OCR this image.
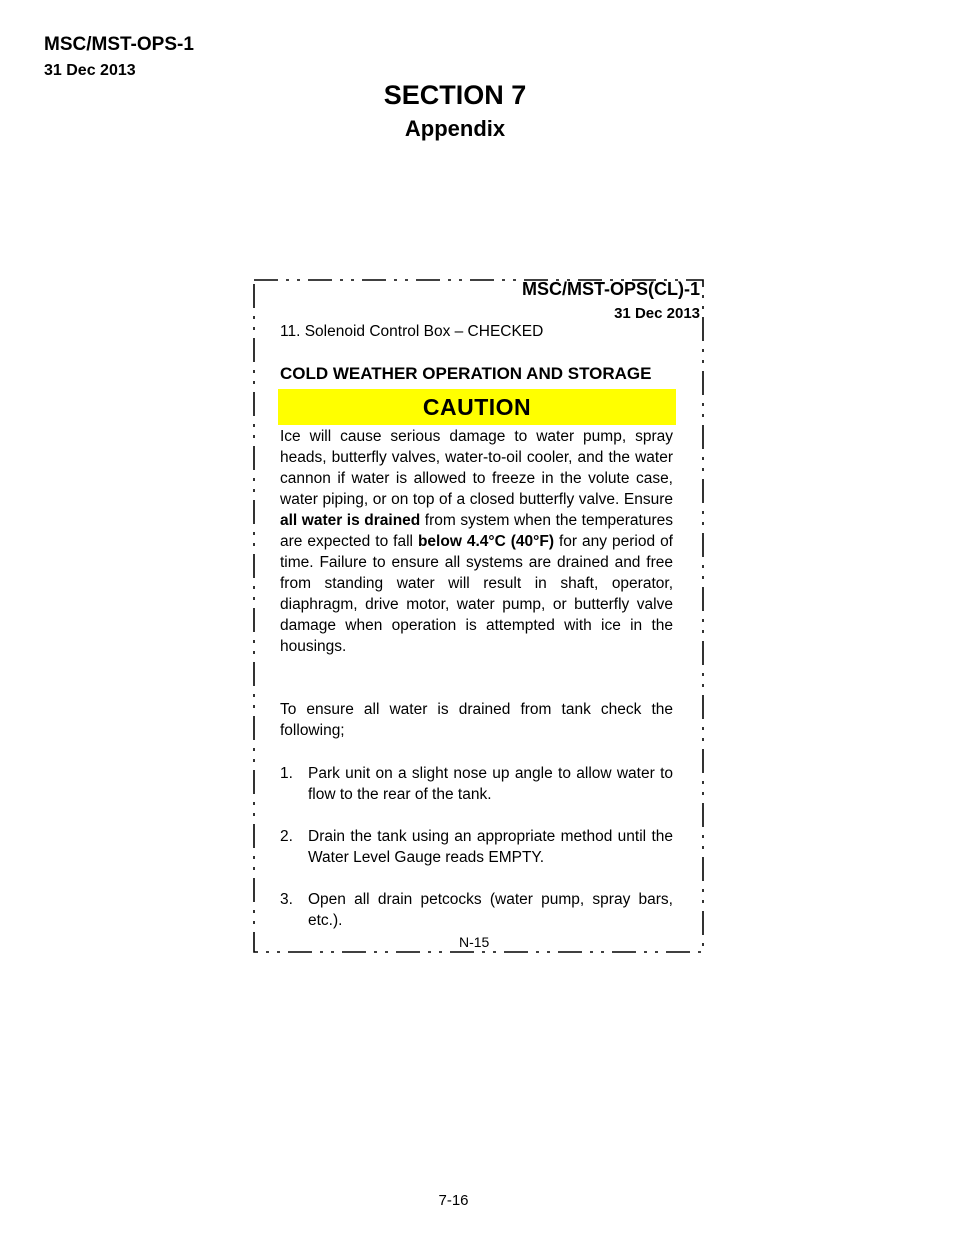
MSC/MST-OPS-1
31 Dec 2013
SECTION 7
Appendix
MSC/MST-OPS(CL)-1
31 Dec 2013
11. Solenoid Control Box – CHECKED
COLD WEATHER OPERATION AND STORAGE
CAUTION
Ice will cause serious damage to water pump, spray heads, butterfly valves, water-to-oil cooler, and the water cannon if water is allowed to freeze in the volute case, water piping, or on top of a closed butterfly valve. Ensure all water is drained from system when the temperatures are expected to fall below 4.4°C (40°F) for any period of time. Failure to ensure all systems are drained and free from standing water will result in shaft, operator, diaphragm, drive motor, water pump, or butterfly valve damage when operation is attempted with ice in the housings.
To ensure all water is drained from tank check the following;
1. Park unit on a slight nose up angle to allow water to flow to the rear of the tank.
2. Drain the tank using an appropriate method until the Water Level Gauge reads EMPTY.
3. Open all drain petcocks (water pump, spray bars, etc.).
N-15
7-16
